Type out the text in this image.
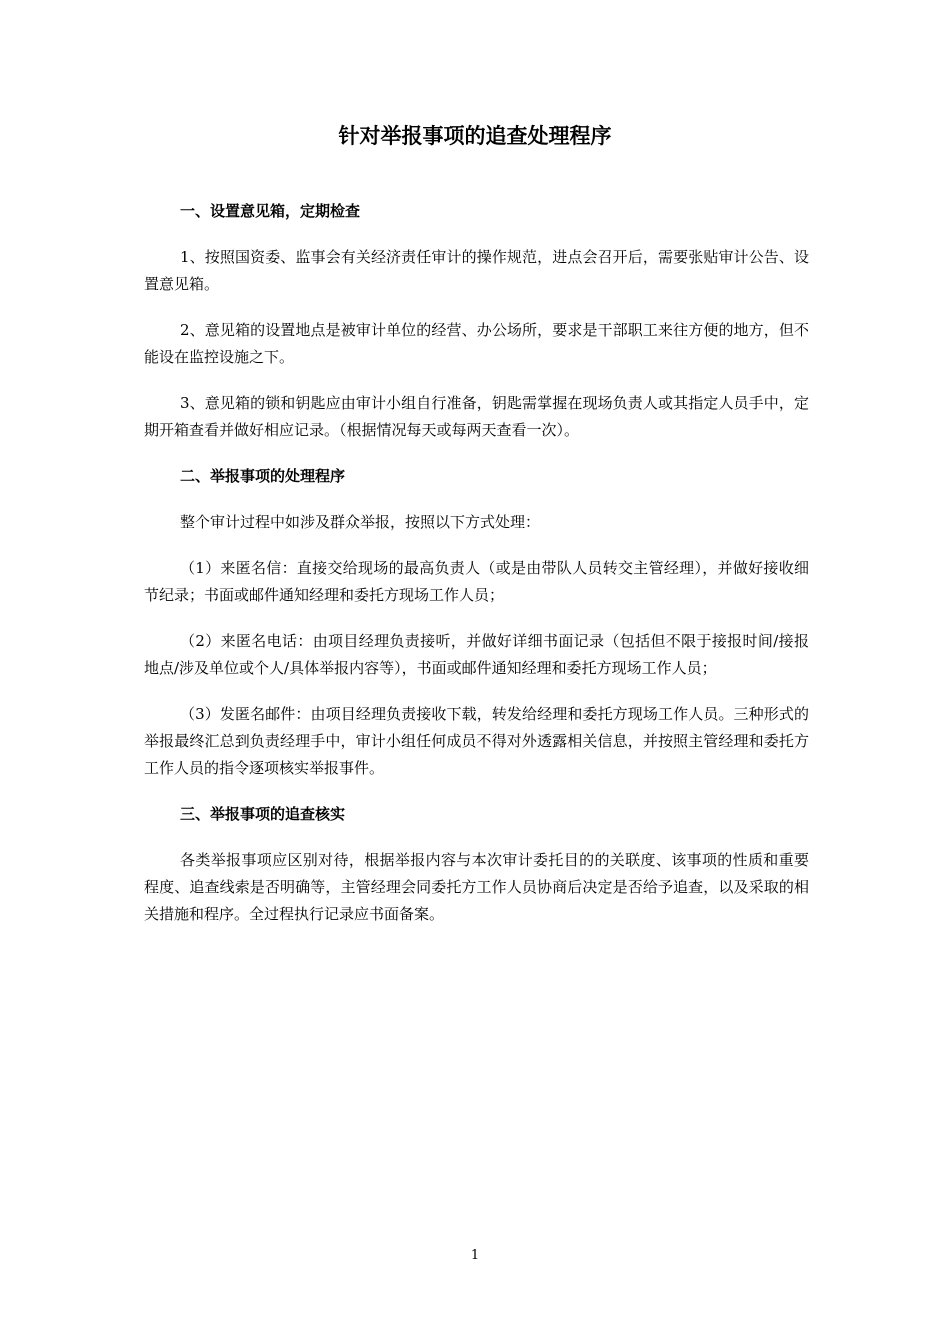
针对举报事项的追查处理程序
一、设置意见箱，定期检查

1、按照国资委、监事会有关经济责任审计的操作规范，进点会召开后，需要张贴审计公告、设置意见箱。

2、意见箱的设置地点是被审计单位的经营、办公场所，要求是干部职工来往方便的地方，但不能设在监控设施之下。

3、意见箱的锁和钥匙应由审计小组自行准备，钥匙需掌握在现场负责人或其指定人员手中，定期开箱查看并做好相应记录。（根据情况每天或每两天查看一次）。

二、举报事项的处理程序

整个审计过程中如涉及群众举报，按照以下方式处理：

（1）来匿名信：直接交给现场的最高负责人（或是由带队人员转交主管经理），并做好接收细节纪录；书面或邮件通知经理和委托方现场工作人员；

（2）来匿名电话：由项目经理负责接听，并做好详细书面记录（包括但不限于接报时间/接报地点/涉及单位或个人/具体举报内容等），书面或邮件通知经理和委托方现场工作人员；

（3）发匿名邮件：由项目经理负责接收下载，转发给经理和委托方现场工作人员。三种形式的举报最终汇总到负责经理手中，审计小组任何成员不得对外透露相关信息，并按照主管经理和委托方工作人员的指令逐项核实举报事件。

三、举报事项的追查核实

各类举报事项应区别对待，根据举报内容与本次审计委托目的的关联度、该事项的性质和重要程度、追查线索是否明确等，主管经理会同委托方工作人员协商后决定是否给予追查，以及采取的相关措施和程序。全过程执行记录应书面备案。

1
